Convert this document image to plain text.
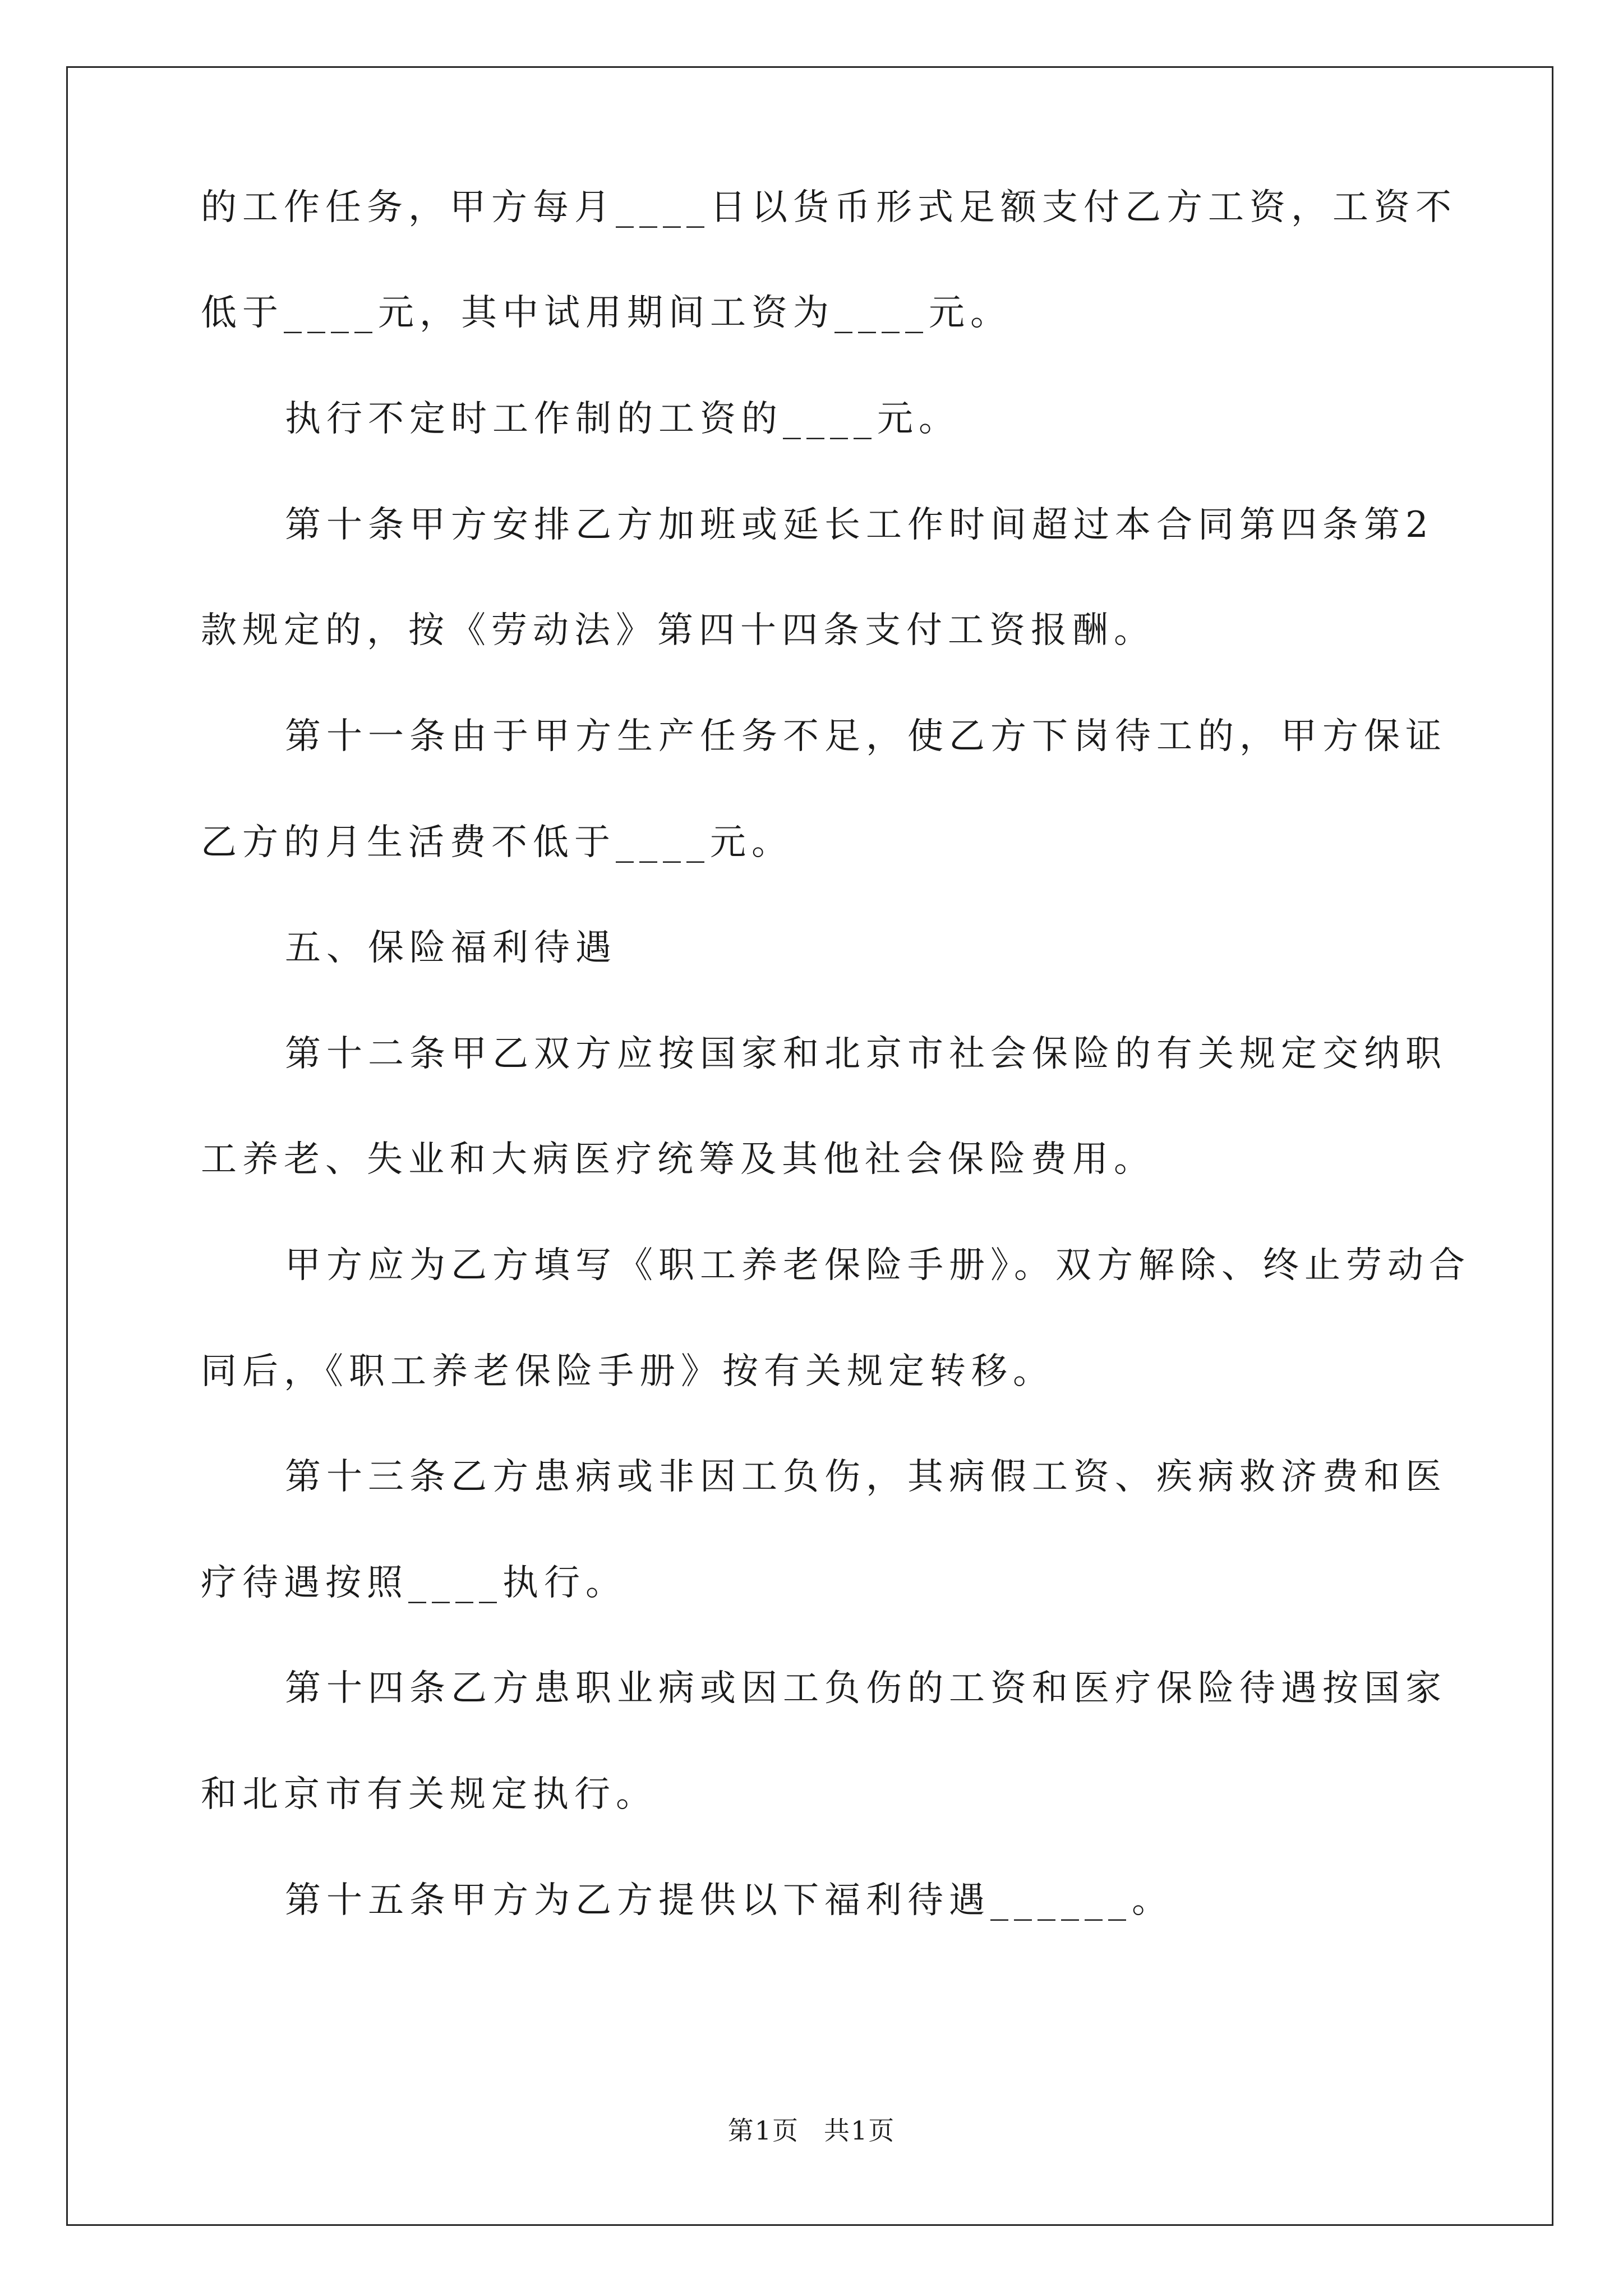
的工作任务，甲方每月____日以货币形式足额支付乙方工资，工资不
低于____元，其中试用期间工资为____元。
执行不定时工作制的工资的____元。
第十条甲方安排乙方加班或延长工作时间超过本合同第四条第2
款规定的，按《劳动法》第四十四条支付工资报酬。
第十一条由于甲方生产任务不足，使乙方下岗待工的，甲方保证
乙方的月生活费不低于____元。
五、保险福利待遇
第十二条甲乙双方应按国家和北京市社会保险的有关规定交纳职
工养老、失业和大病医疗统筹及其他社会保险费用。
甲方应为乙方填写《职工养老保险手册》。双方解除、终止劳动合
同后，《职工养老保险手册》按有关规定转移。
第十三条乙方患病或非因工负伤，其病假工资、疾病救济费和医
疗待遇按照____执行。
第十四条乙方患职业病或因工负伤的工资和医疗保险待遇按国家
和北京市有关规定执行。
第十五条甲方为乙方提供以下福利待遇______。
第1页 共1页
